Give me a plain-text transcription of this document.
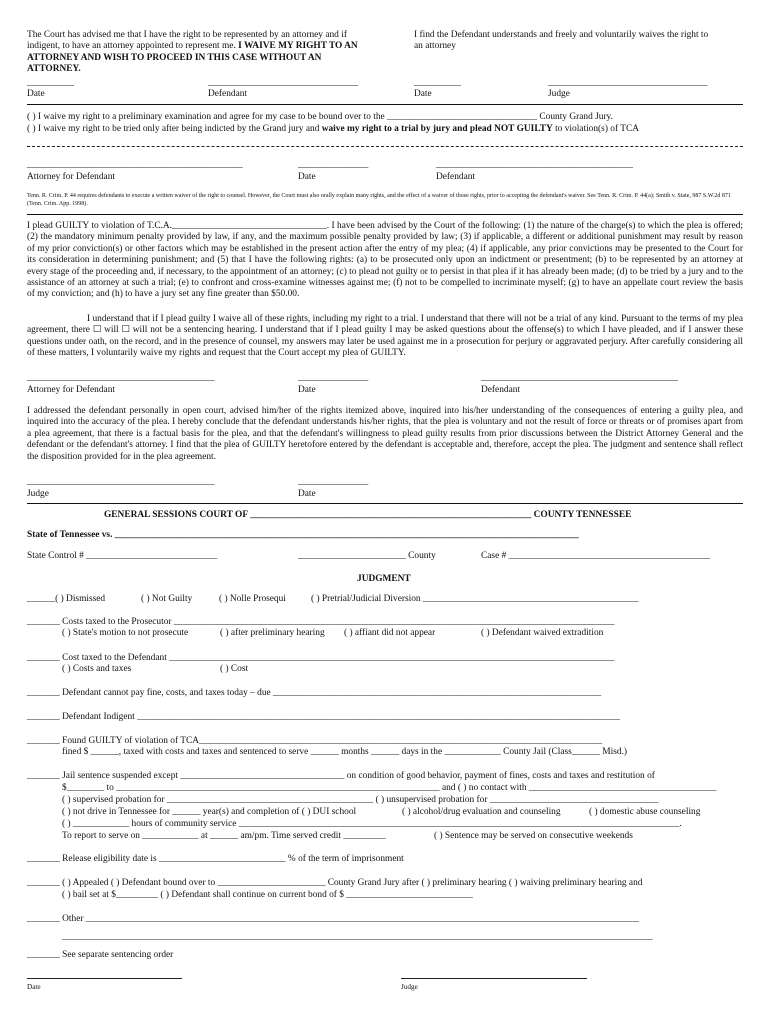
The Court has advised me that I have the right to be represented by an attorney and if indigent, to have an attorney appointed to represent me. I WAIVE MY RIGHT TO AN ATTORNEY AND WISH TO PROCEED IN THIS CASE WITHOUT AN ATTORNEY.
I find the Defendant understands and freely and voluntarily waives the right to an attorney
__________	________________________________	__________	__________________________________
Date	Defendant	Date	Judge
( ) I waive my right to a preliminary examination and agree for my case to be bound over to the ________________________________ County Grand Jury.
( ) I waive my right to be tried only after being indicted by the Grand jury and waive my right to a trial by jury and plead NOT GUILTY to violation(s) of TCA
______________________________________________	_______________	__________________________________________
Attorney for Defendant	Date	Defendant
Tenn. R. Crim. P. 44 requires defendants to execute a written waiver of the right to counsel. However, the Court must also orally explain many rights, and the effect of a waiver of those rights, prior to accepting the defendant's waiver. See Tenn. R. Crim. P. 44(a); Smith v. State, 987 S.W.2d 871 (Tenn. Crim. App. 1998).
I plead GUILTY to violation of T.C.A._________________________________. I have been advised by the Court of the following: (1) the nature of the charge(s) to which the plea is offered; (2) the mandatory minimum penalty provided by law, if any, and the maximum possible penalty provided by law; (3) if applicable, a different or additional punishment may result by reason of my prior conviction(s) or other factors which may be established in the present action after the entry of my plea; (4) if applicable, any prior convictions may be presented to the Court for its consideration in determining punishment; and (5) that I have the following rights: (a) to be prosecuted only upon an indictment or presentment; (b) to be represented by an attorney at every stage of the proceeding and, if necessary, to the appointment of an attorney; (c) to plead not guilty or to persist in that plea if it has already been made; (d) to be tried by a jury and to the assistance of an attorney at such a trial; (e) to confront and cross-examine witnesses against me; (f) not to be compelled to incriminate myself; (g) to have an appellate court review the basis of my conviction; and (h) to have a jury set any fine greater than $50.00.
I understand that if I plead guilty I waive all of these rights, including my right to a trial. I understand that there will not be a trial of any kind. Pursuant to the terms of my plea agreement, there ☐ will ☐ will not be a sentencing hearing. I understand that if I plead guilty I may be asked questions about the offense(s) to which I have pleaded, and if I answer these questions under oath, on the record, and in the presence of counsel, my answers may later be used against me in a prosecution for perjury or aggravated perjury. After carefully considering all of these matters, I voluntarily waive my rights and request that the Court accept my plea of GUILTY.
________________________________________	_______________	__________________________________________
Attorney for Defendant	Date	Defendant
I addressed the defendant personally in open court, advised him/her of the rights itemized above, inquired into his/her understanding of the consequences of entering a guilty plea, and inquired into the accuracy of the plea. I hereby conclude that the defendant understands his/her rights, that the plea is voluntary and not the result of force or threats or of promises apart from a plea agreement, that there is a factual basis for the plea, and that the defendant's willingness to plead guilty results from prior discussions between the District Attorney General and the defendant or the defendant's attorney. I find that the plea of GUILTY heretofore entered by the defendant is acceptable and, therefore, accept the plea. The judgment and sentence shall reflect the disposition provided for in the plea agreement.
________________________________________	_______________
Judge	Date
GENERAL SESSIONS COURT OF ____________________________________________________________ COUNTY TENNESSEE
State of Tennessee vs. ___________________________________________________________________________________________________
State Control # ____________________________	_______________________ County	Case # ___________________________________________
JUDGMENT
______( ) Dismissed	( ) Not Guilty	( ) Nolle Prosequi	( ) Pretrial/Judicial Diversion ______________________________________________
_______ Costs taxed to the Prosecutor ______________________________________________________________________________________________
( ) State's motion to not prosecute	( ) after preliminary hearing ( ) affiant did not appear	( ) Defendant waived extradition
_______ Cost taxed to the Defendant _______________________________________________________________________________________________
( ) Costs and taxes	( ) Cost
_______ Defendant cannot pay fine, costs, and taxes today – due ______________________________________________________________________
_______ Defendant Indigent _______________________________________________________________________________________________________
_______ Found GUILTY of violation of TCA______________________________________________________________________________________
fined $ ______, taxed with costs and taxes and sentenced to serve ______ months ______ days in the ____________ County Jail (Class______ Misd.)
_______ Jail sentence suspended except ___________________________________ on condition of good behavior, payment of fines, costs and taxes and restitution of
$________ to _____________________________________________________________________ and ( ) no contact with ________________________________________
( ) supervised probation for ____________________________________________ ( ) unsupervised probation for ____________________________________
( ) not drive in Tennessee for ______ year(s) and completion of ( ) DUI school	( ) alcohol/drug evaluation and counseling	( ) domestic abuse counseling
( ) ____________ hours of community service ______________________________________________________________________________________________.
To report to serve on ____________ at ______ am/pm. Time served credit _________	( ) Sentence may be served on consecutive weekends
_______ Release eligibility date is ___________________________ % of the term of imprisonment
_______ ( ) Appealed ( ) Defendant bound over to _______________________ County Grand Jury after ( ) preliminary hearing ( ) waiving preliminary hearing and
( ) bail set at $_________ ( ) Defendant shall continue on current bond of $ ___________________________
_______ Other ______________________________________________________________________________________________________________________
______________________________________________________________________________________________________________________________
_______ See separate sentencing order
Date	Judge
